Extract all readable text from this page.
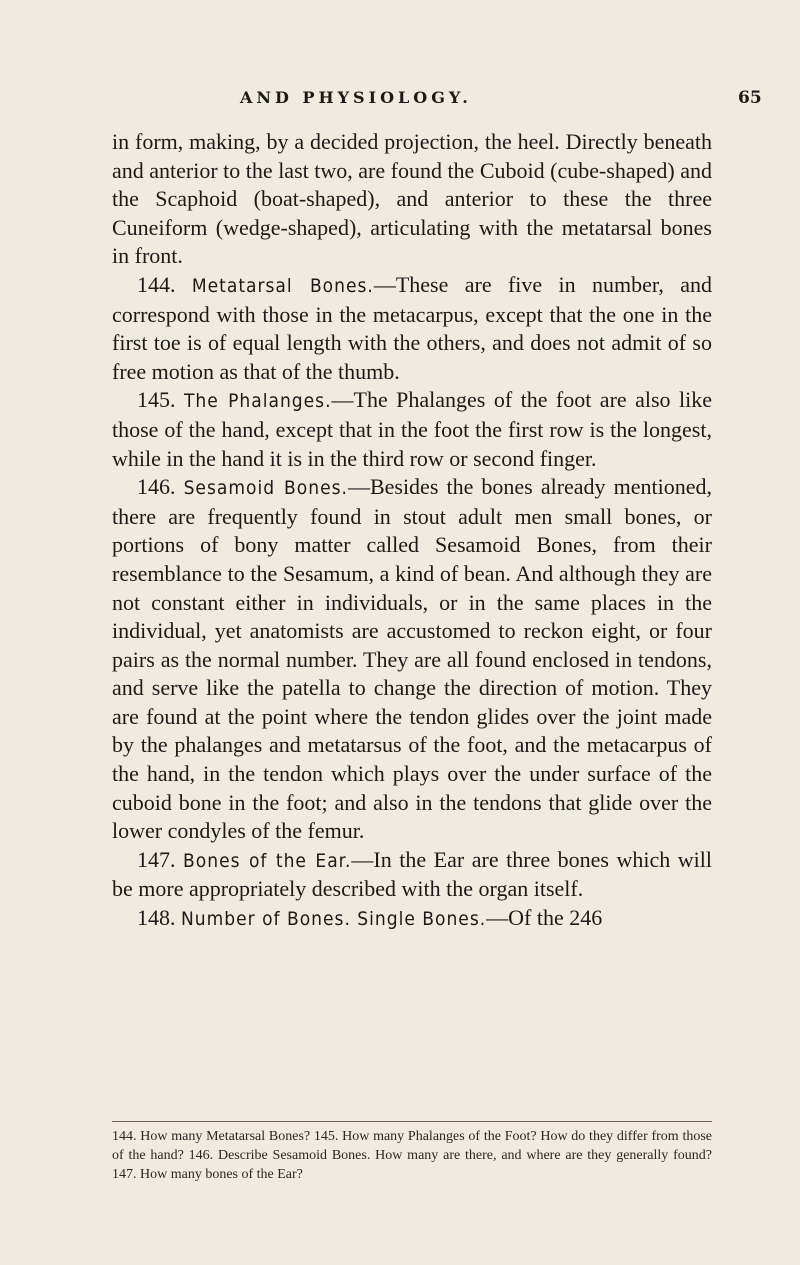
AND PHYSIOLOGY.	65

in form, making, by a decided projection, the heel. Directly beneath and anterior to the last two, are found the Cuboid (cube-shaped) and the Scaphoid (boat-shaped), and anterior to these the three Cuneiform (wedge-shaped), articulating with the metatarsal bones in front.

144. Metatarsal Bones.—These are five in number, and correspond with those in the metacarpus, except that the one in the first toe is of equal length with the others, and does not admit of so free motion as that of the thumb.

145. The Phalanges.—The Phalanges of the foot are also like those of the hand, except that in the foot the first row is the longest, while in the hand it is in the third row or second finger.

146. Sesamoid Bones.—Besides the bones already mentioned, there are frequently found in stout adult men small bones, or portions of bony matter called Sesamoid Bones, from their resemblance to the Sesamum, a kind of bean. And although they are not constant either in individuals, or in the same places in the individual, yet anatomists are accustomed to reckon eight, or four pairs as the normal number. They are all found enclosed in tendons, and serve like the patella to change the direction of motion. They are found at the point where the tendon glides over the joint made by the phalanges and metatarsus of the foot, and the metacarpus of the hand, in the tendon which plays over the under surface of the cuboid bone in the foot; and also in the tendons that glide over the lower condyles of the femur.

147. Bones of the Ear.—In the Ear are three bones which will be more appropriately described with the organ itself.

148. Number of Bones. Single Bones.—Of the 246

144. How many Metatarsal Bones? 145. How many Phalanges of the Foot? How do they differ from those of the hand? 146. Describe Sesamoid Bones. How many are there, and where are they generally found? 147. How many bones of the Ear?
